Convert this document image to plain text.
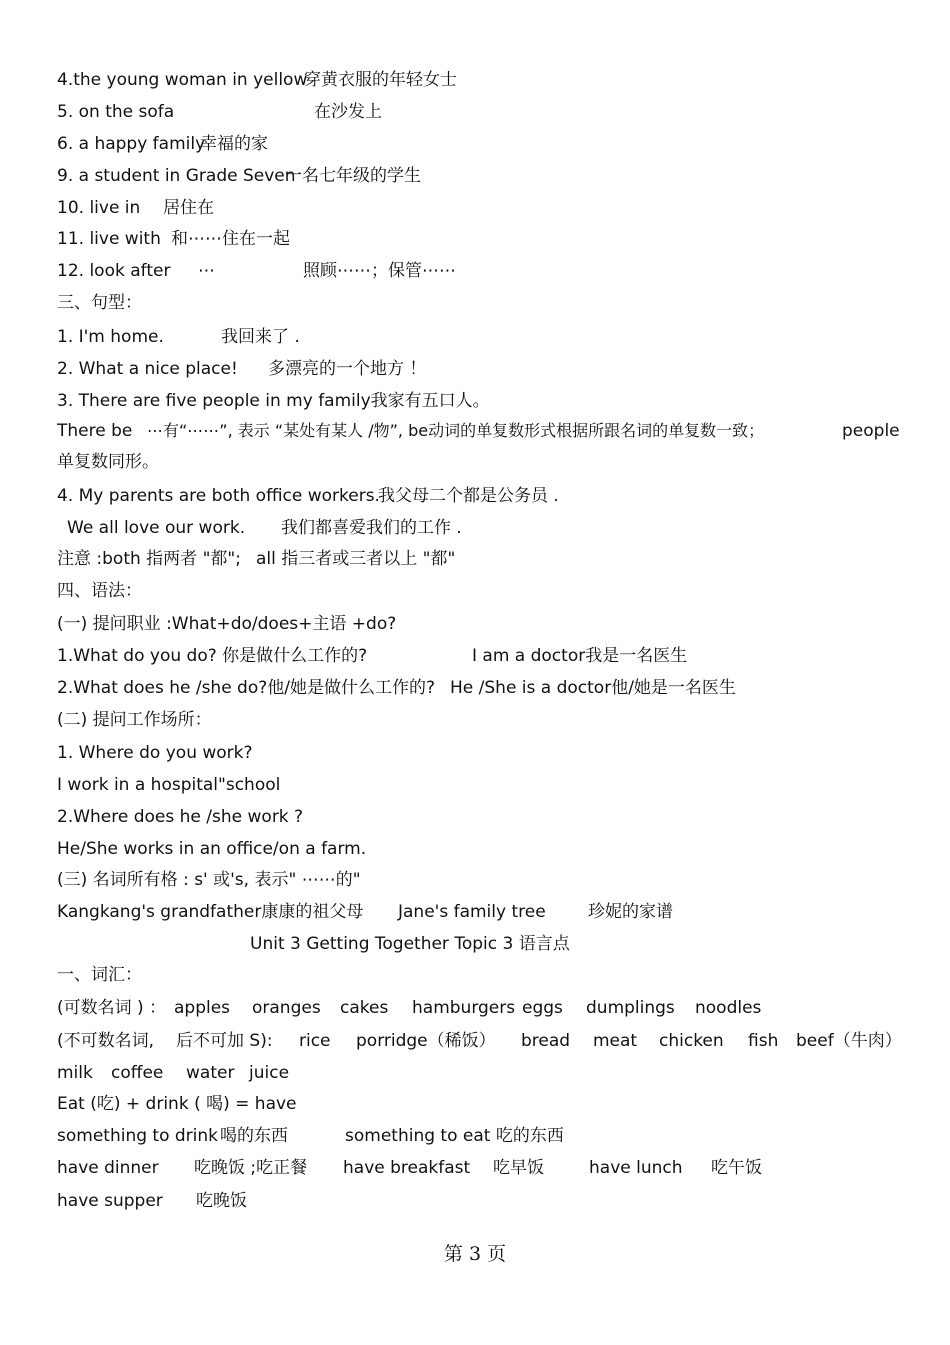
4.the young woman in yellow
穿黄衣服的年轻女士
5. on the sofa	在沙发上
6. a happy family
幸福的家
9. a student in Grade Seven
一名七年级的学生
10. live in 居住在
11. live with 和⋯⋯住在一起
12. look after ⋯	照顾⋯⋯；保管⋯⋯
三、句型：
1. I'm home.	我回来了 .
2. What a nice place! 多漂亮的一个地方 ！
3. There are five people in my family我家有五口人。
There be ⋯有“⋯⋯”, 表示 “某处有某人 /物”, be动词的单复数形式根据所跟名词的单复数一致；	people
单复数同形。
4. My parents are both office workers.
我父母二个都是公务员 .
We all love our work. 我们都喜爱我们的工作 .
注意 :both 指两者 "都"; all 指三者或三者以上 "都"
四、语法：
(一) 提问职业 :What+do/does+主语 +do?
1.What do you do? 你是做什么工作的?	I am a doctor我是一名医生
2.What does he /she do?他/她是做什么工作的? He /She is a doctor他/她是一名医生
(二) 提问工作场所：
1. Where do you work?
I work in a hospital"school
2.Where does he /she work ?
He/She works in an office/on a farm.
(三) 名词所有格 : s' 或's, 表示" ⋯⋯的"
Kangkang's grandfather康康的祖父母 Jane's family tree 珍妮的家谱
Unit 3 Getting Together Topic 3 语言点
一、词汇：
(可数名词 ) ： apples oranges cakes hamburgers eggs dumplings noodles
(不可数名词, 后不可加 S): rice porridge（稀饭） bread meat chicken fish beef（牛肉）
milk coffee water juice
Eat (吃) + drink ( 喝) = have
something to drink 喝的东西	something to eat 吃的东西
have dinner 吃晚饭 ;吃正餐 have breakfast 吃早饭	have lunch 吃午饭
have supper 吃晚饭
第 3 页
